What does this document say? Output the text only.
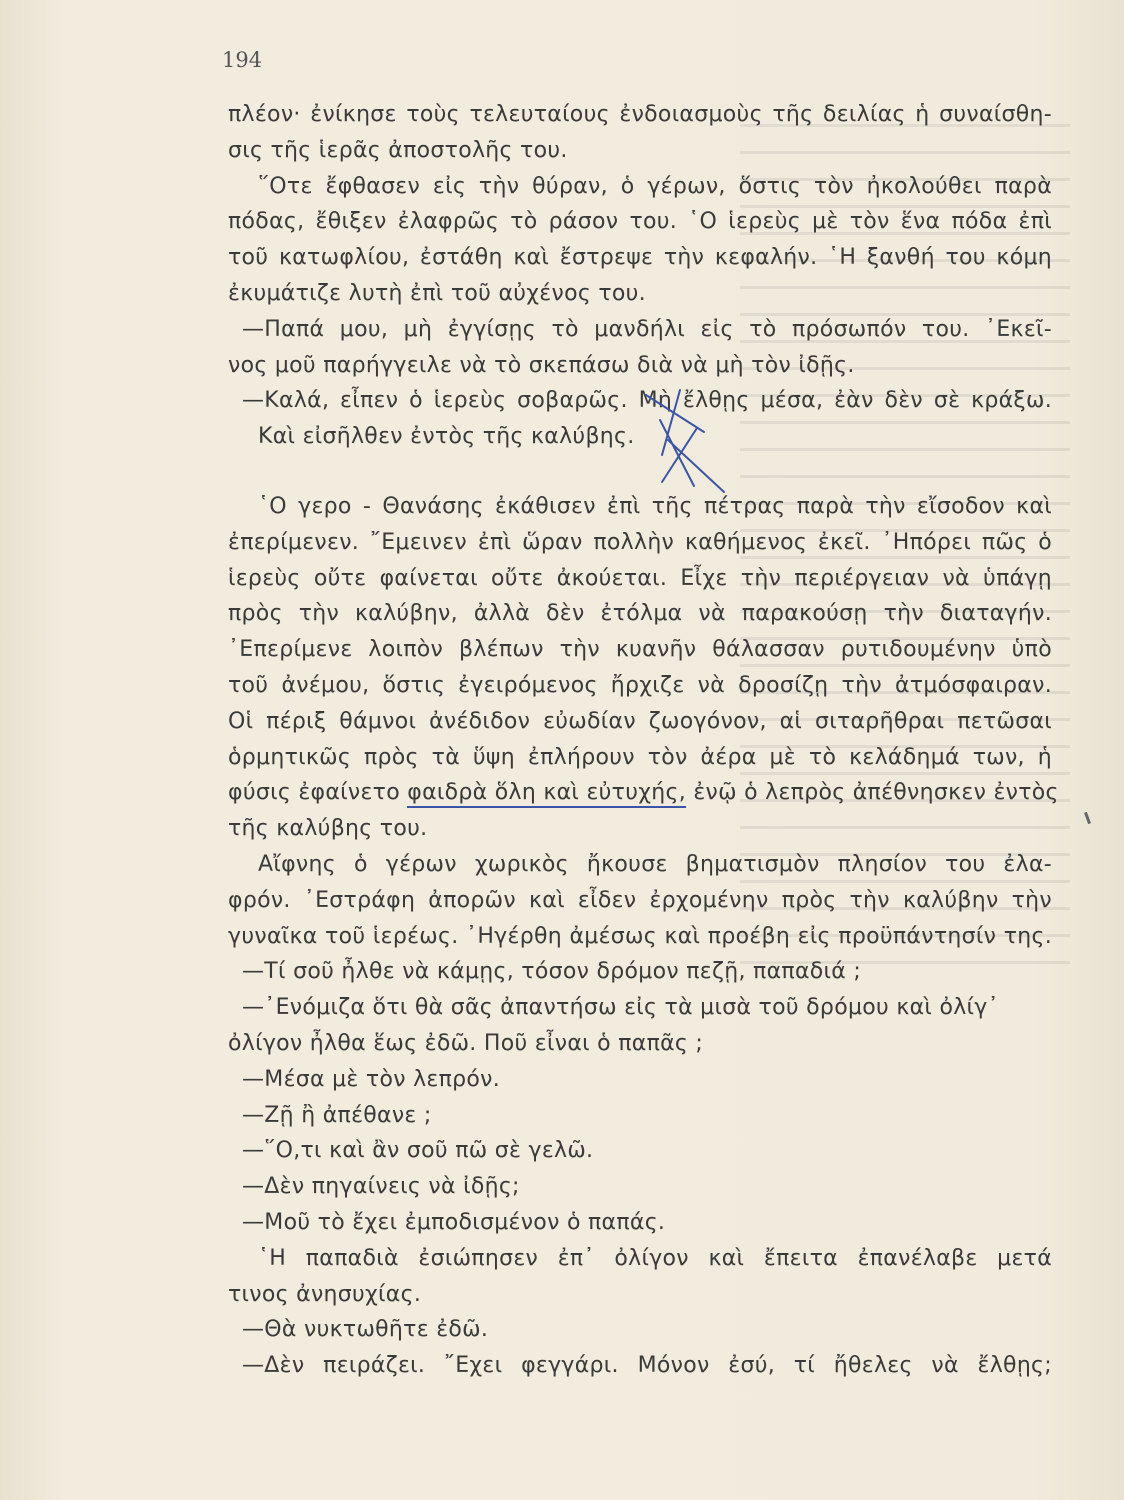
194
πλέον· ἐνίκησε τοὺς τελευταίους ἐνδοιασμοὺς τῆς δειλίας ἡ συναίσθη-
σις τῆς ἱερᾶς ἀποστολῆς του.
῞Οτε ἔφθασεν εἰς τὴν θύραν, ὁ γέρων, ὅστις τὸν ἠκολούθει παρὰ
πόδας, ἔθιξεν ἐλαφρῶς τὸ ράσον του. ῾Ο ἱερεὺς μὲ τὸν ἕνα πόδα ἐπὶ
τοῦ κατωφλίου, ἐστάθη καὶ ἔστρεψε τὴν κεφαλήν. ῾Η ξανθή του κόμη
ἐκυμάτιζε λυτὴ ἐπὶ τοῦ αὐχένος του.
—Παπά μου, μὴ ἐγγίσῃς τὸ μανδήλι εἰς τὸ πρόσωπόν του. ᾿Εκεῖ-
νος μοῦ παρήγγειλε νὰ τὸ σκεπάσω διὰ νὰ μὴ τὸν ἰδῇς.
—Καλά, εἶπεν ὁ ἱερεὺς σοβαρῶς. Μὴ ἔλθῃς μέσα, ἐὰν δὲν σὲ κράξω.
Καὶ εἰσῆλθεν ἐντὸς τῆς καλύβης.
῾Ο γερο - Θανάσης ἐκάθισεν ἐπὶ τῆς πέτρας παρὰ τὴν εἴσοδον καὶ
ἐπερίμενεν. ῎Εμεινεν ἐπὶ ὥραν πολλὴν καθήμενος ἐκεῖ. ᾿Ηπόρει πῶς ὁ
ἱερεὺς οὔτε φαίνεται οὔτε ἀκούεται. Εἶχε τὴν περιέργειαν νὰ ὑπάγῃ
πρὸς τὴν καλύβην, ἀλλὰ δὲν ἐτόλμα νὰ παρακούσῃ τὴν διαταγήν.
᾿Επερίμενε λοιπὸν βλέπων τὴν κυανῆν θάλασσαν ρυτιδουμένην ὑπὸ
τοῦ ἀνέμου, ὅστις ἐγειρόμενος ἤρχιζε νὰ δροσίζῃ τὴν ἀτμόσφαιραν.
Οἱ πέριξ θάμνοι ἀνέδιδον εὐωδίαν ζωογόνον, αἱ σιταρῆθραι πετῶσαι
ὁρμητικῶς πρὸς τὰ ὕψη ἐπλήρουν τὸν ἀέρα μὲ τὸ κελάδημά των, ἡ
φύσις ἐφαίνετο φαιδρὰ ὅλη καὶ εὐτυχής, ἐνῷ ὁ λεπρὸς ἀπέθνησκεν ἐντὸς
τῆς καλύβης του.
Αἴφνης ὁ γέρων χωρικὸς ἤκουσε βηματισμὸν πλησίον του ἐλα-
φρόν. ᾿Εστράφη ἀπορῶν καὶ εἶδεν ἐρχομένην πρὸς τὴν καλύβην τὴν
γυναῖκα τοῦ ἱερέως. ᾿Ηγέρθη ἀμέσως καὶ προέβη εἰς προϋπάντησίν της.
—Τί σοῦ ἦλθε νὰ κάμῃς, τόσον δρόμον πεζῇ, παπαδιά ;
—᾿Ενόμιζα ὅτι θὰ σᾶς ἀπαντήσω εἰς τὰ μισὰ τοῦ δρόμου καὶ ὀλίγ᾽
ὀλίγον ἦλθα ἕως ἐδῶ. Ποῦ εἶναι ὁ παπᾶς ;
—Μέσα μὲ τὸν λεπρόν.
—Ζῇ ἢ ἀπέθανε ;
—῞Ο,τι καὶ ἂν σοῦ πῶ σὲ γελῶ.
—Δὲν πηγαίνεις νὰ ἰδῇς;
—Μοῦ τὸ ἔχει ἐμποδισμένον ὁ παπάς.
῾Η παπαδιὰ ἐσιώπησεν ἐπ᾽ ὀλίγον καὶ ἔπειτα ἐπανέλαβε μετά
τινος ἀνησυχίας.
—Θὰ νυκτωθῆτε ἐδῶ.
—Δὲν πειράζει. ῎Εχει φεγγάρι. Μόνον ἐσύ, τί ἤθελες νὰ ἔλθῃς;
